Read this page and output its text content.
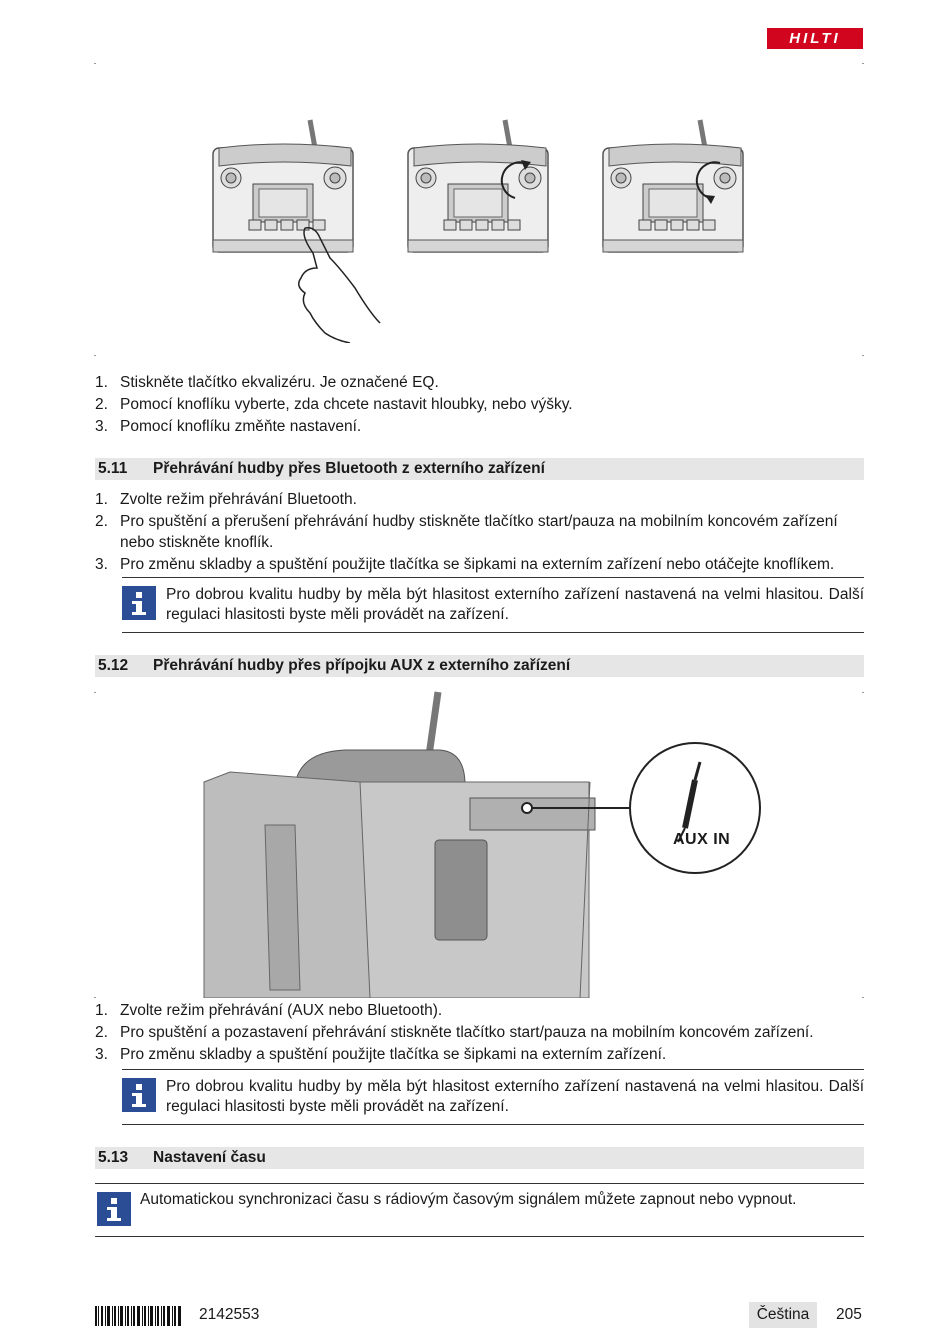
HILTI
1. Stiskněte tlačítko ekvalizéru. Je označené EQ.
2. Pomocí knoflíku vyberte, zda chcete nastavit hloubky, nebo výšky.
3. Pomocí knoflíku změňte nastavení.
5.11 Přehrávání hudby přes Bluetooth z externího zařízení
1. Zvolte režim přehrávání Bluetooth.
2. Pro spuštění a přerušení přehrávání hudby stiskněte tlačítko start/pauza na mobilním koncovém zařízení nebo stiskněte knoflík.
3. Pro změnu skladby a spuštění použijte tlačítka se šipkami na externím zařízení nebo otáčejte knoflíkem.
Pro dobrou kvalitu hudby by měla být hlasitost externího zařízení nastavená na velmi hlasitou. Další regulaci hlasitosti byste měli provádět na zařízení.
5.12 Přehrávání hudby přes přípojku AUX z externího zařízení
AUX IN
1. Zvolte režim přehrávání (AUX nebo Bluetooth).
2. Pro spuštění a pozastavení přehrávání stiskněte tlačítko start/pauza na mobilním koncovém zařízení.
3. Pro změnu skladby a spuštění použijte tlačítka se šipkami na externím zařízení.
Pro dobrou kvalitu hudby by měla být hlasitost externího zařízení nastavená na velmi hlasitou. Další regulaci hlasitosti byste měli provádět na zařízení.
5.13 Nastavení času
Automatickou synchronizaci času s rádiovým časovým signálem můžete zapnout nebo vypnout.
2142553	Čeština	205
